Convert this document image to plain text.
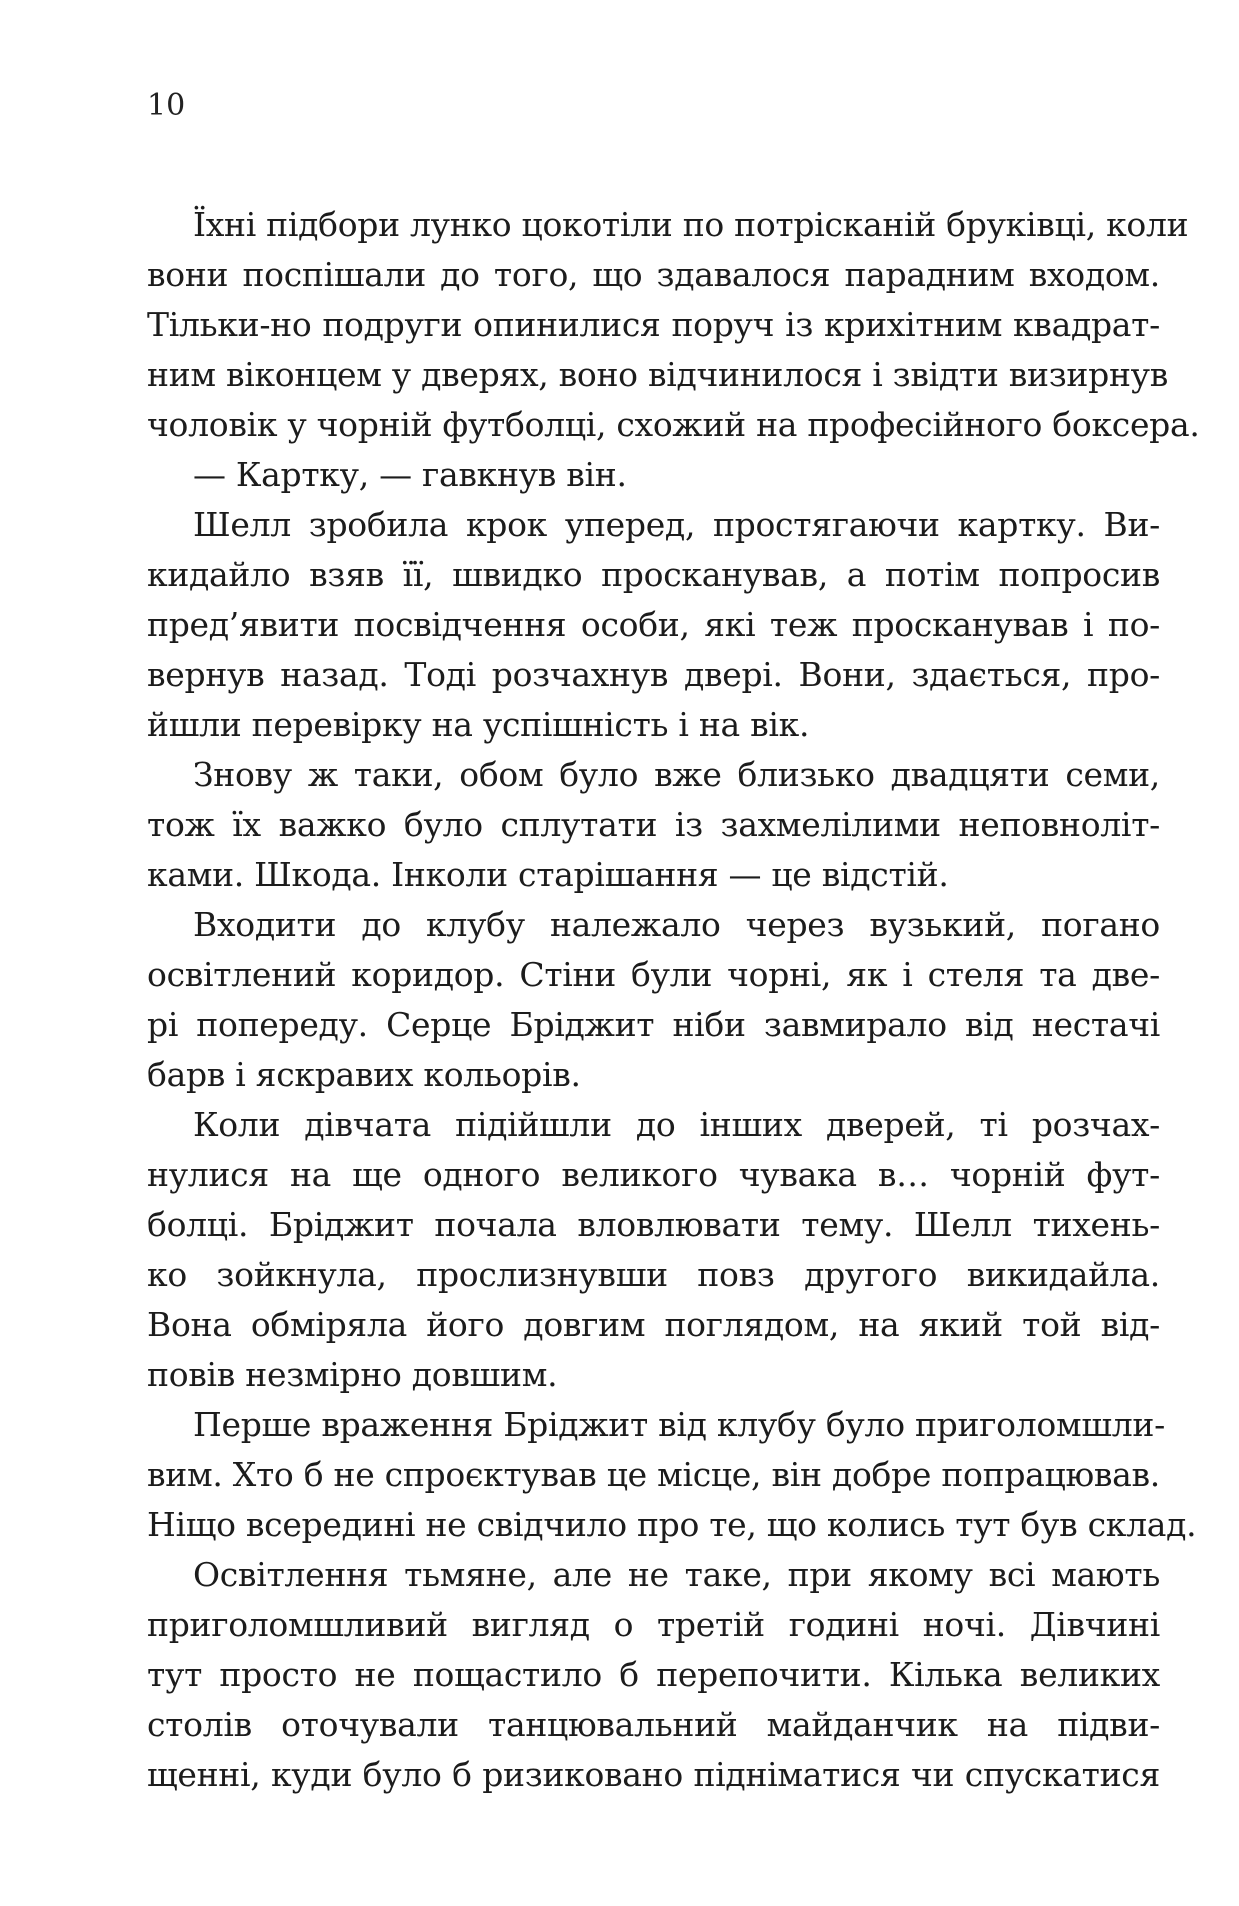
10
Їхні підбори лунко цокотіли по потрісканій бруківці, коли
вони поспішали до того, що здавалося парадним входом.
Тільки-но подруги опинилися поруч із крихітним квадрат-
ним віконцем у дверях, воно відчинилося і звідти визирнув
чоловік у чорній футболці, схожий на професійного боксера.
— Картку, — гавкнув він.
Шелл зробила крок уперед, простягаючи картку. Ви-
кидайло взяв її, швидко просканував, а потім попросив
пред’явити посвідчення особи, які теж просканував і по-
вернув назад. Тоді розчахнув двері. Вони, здається, про-
йшли перевірку на успішність і на вік.
Знову ж таки, обом було вже близько двадцяти семи,
тож їх важко було сплутати із захмелілими неповноліт-
ками. Шкода. Інколи старішання — це відстій.
Входити до клубу належало через вузький, погано
освітлений коридор. Стіни були чорні, як і стеля та две-
рі попереду. Серце Бріджит ніби завмирало від нестачі
барв і яскравих кольорів.
Коли дівчата підійшли до інших дверей, ті розчах-
нулися на ще одного великого чувака в… чорній фут-
болці. Бріджит почала вловлювати тему. Шелл тихень-
ко зойкнула, прослизнувши повз другого викидайла.
Вона обміряла його довгим поглядом, на який той від-
повів незмірно довшим.
Перше враження Бріджит від клубу було приголомшли-
вим. Хто б не спроєктував це місце, він добре попрацював.
Ніщо всередині не свідчило про те, що колись тут був склад.
Освітлення тьмяне, але не таке, при якому всі мають
приголомшливий вигляд о третій годині ночі. Дівчині
тут просто не пощастило б перепочити. Кілька великих
столів оточували танцювальний майданчик на підви-
щенні, куди було б ризиковано підніматися чи спускатися
